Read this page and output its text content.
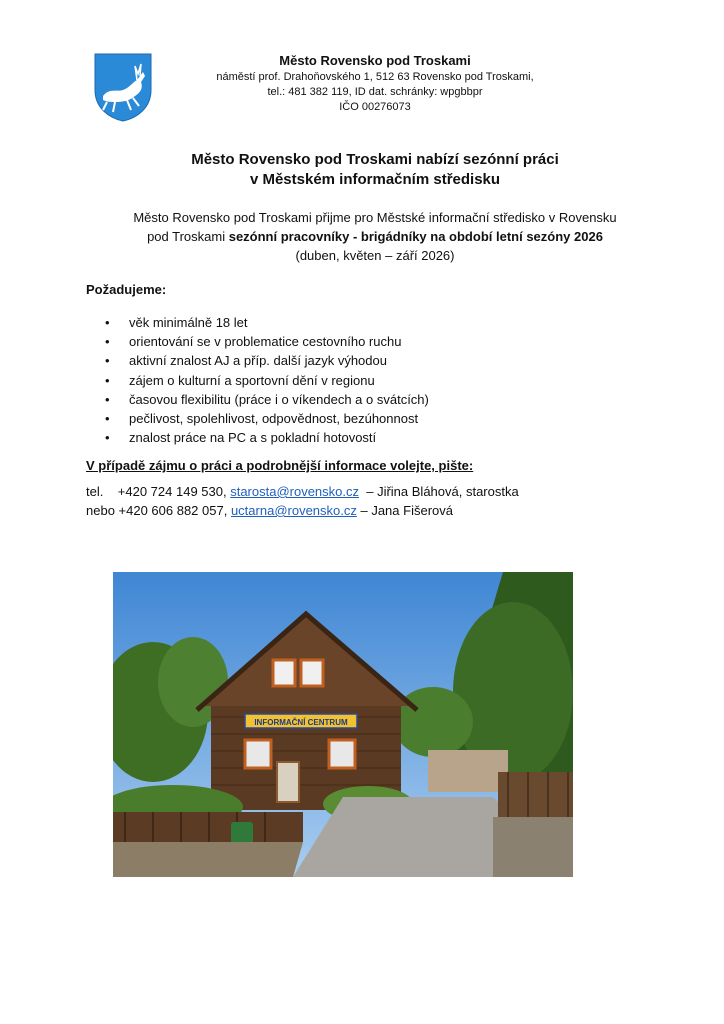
Město Rovensko pod Troskami
náměstí prof. Drahoňovského 1, 512 63 Rovensko pod Troskami,
tel.: 481 382 119, ID dat. schránky: wpgbbpr
IČO 00276073
Město Rovensko pod Troskami nabízí sezónní práci
v Městském informačním středisku
Město Rovensko pod Troskami přijme pro Městské informační středisko v Rovensku
pod Troskami sezónní pracovníky - brigádníky na období letní sezóny 2026
(duben, květen – září 2026)
Požadujeme:
• věk minimálně 18 let
• orientování se v problematice cestovního ruchu
• aktivní znalost AJ a příp. další jazyk výhodou
• zájem o kulturní a sportovní dění v regionu
• časovou flexibilitu (práce i o víkendech a o svátcích)
• pečlivost, spolehlivost, odpovědnost, bezúhonnost
• znalost práce na PC a s pokladní hotovostí
V případě zájmu o práci a podrobnější informace volejte, pište:
tel.    +420 724 149 530, starosta@rovensko.cz  – Jiřina Bláhová, starostka
nebo +420 606 882 057, uctarna@rovensko.cz – Jana Fišerová
INFORMAČNÍ CENTRUM
